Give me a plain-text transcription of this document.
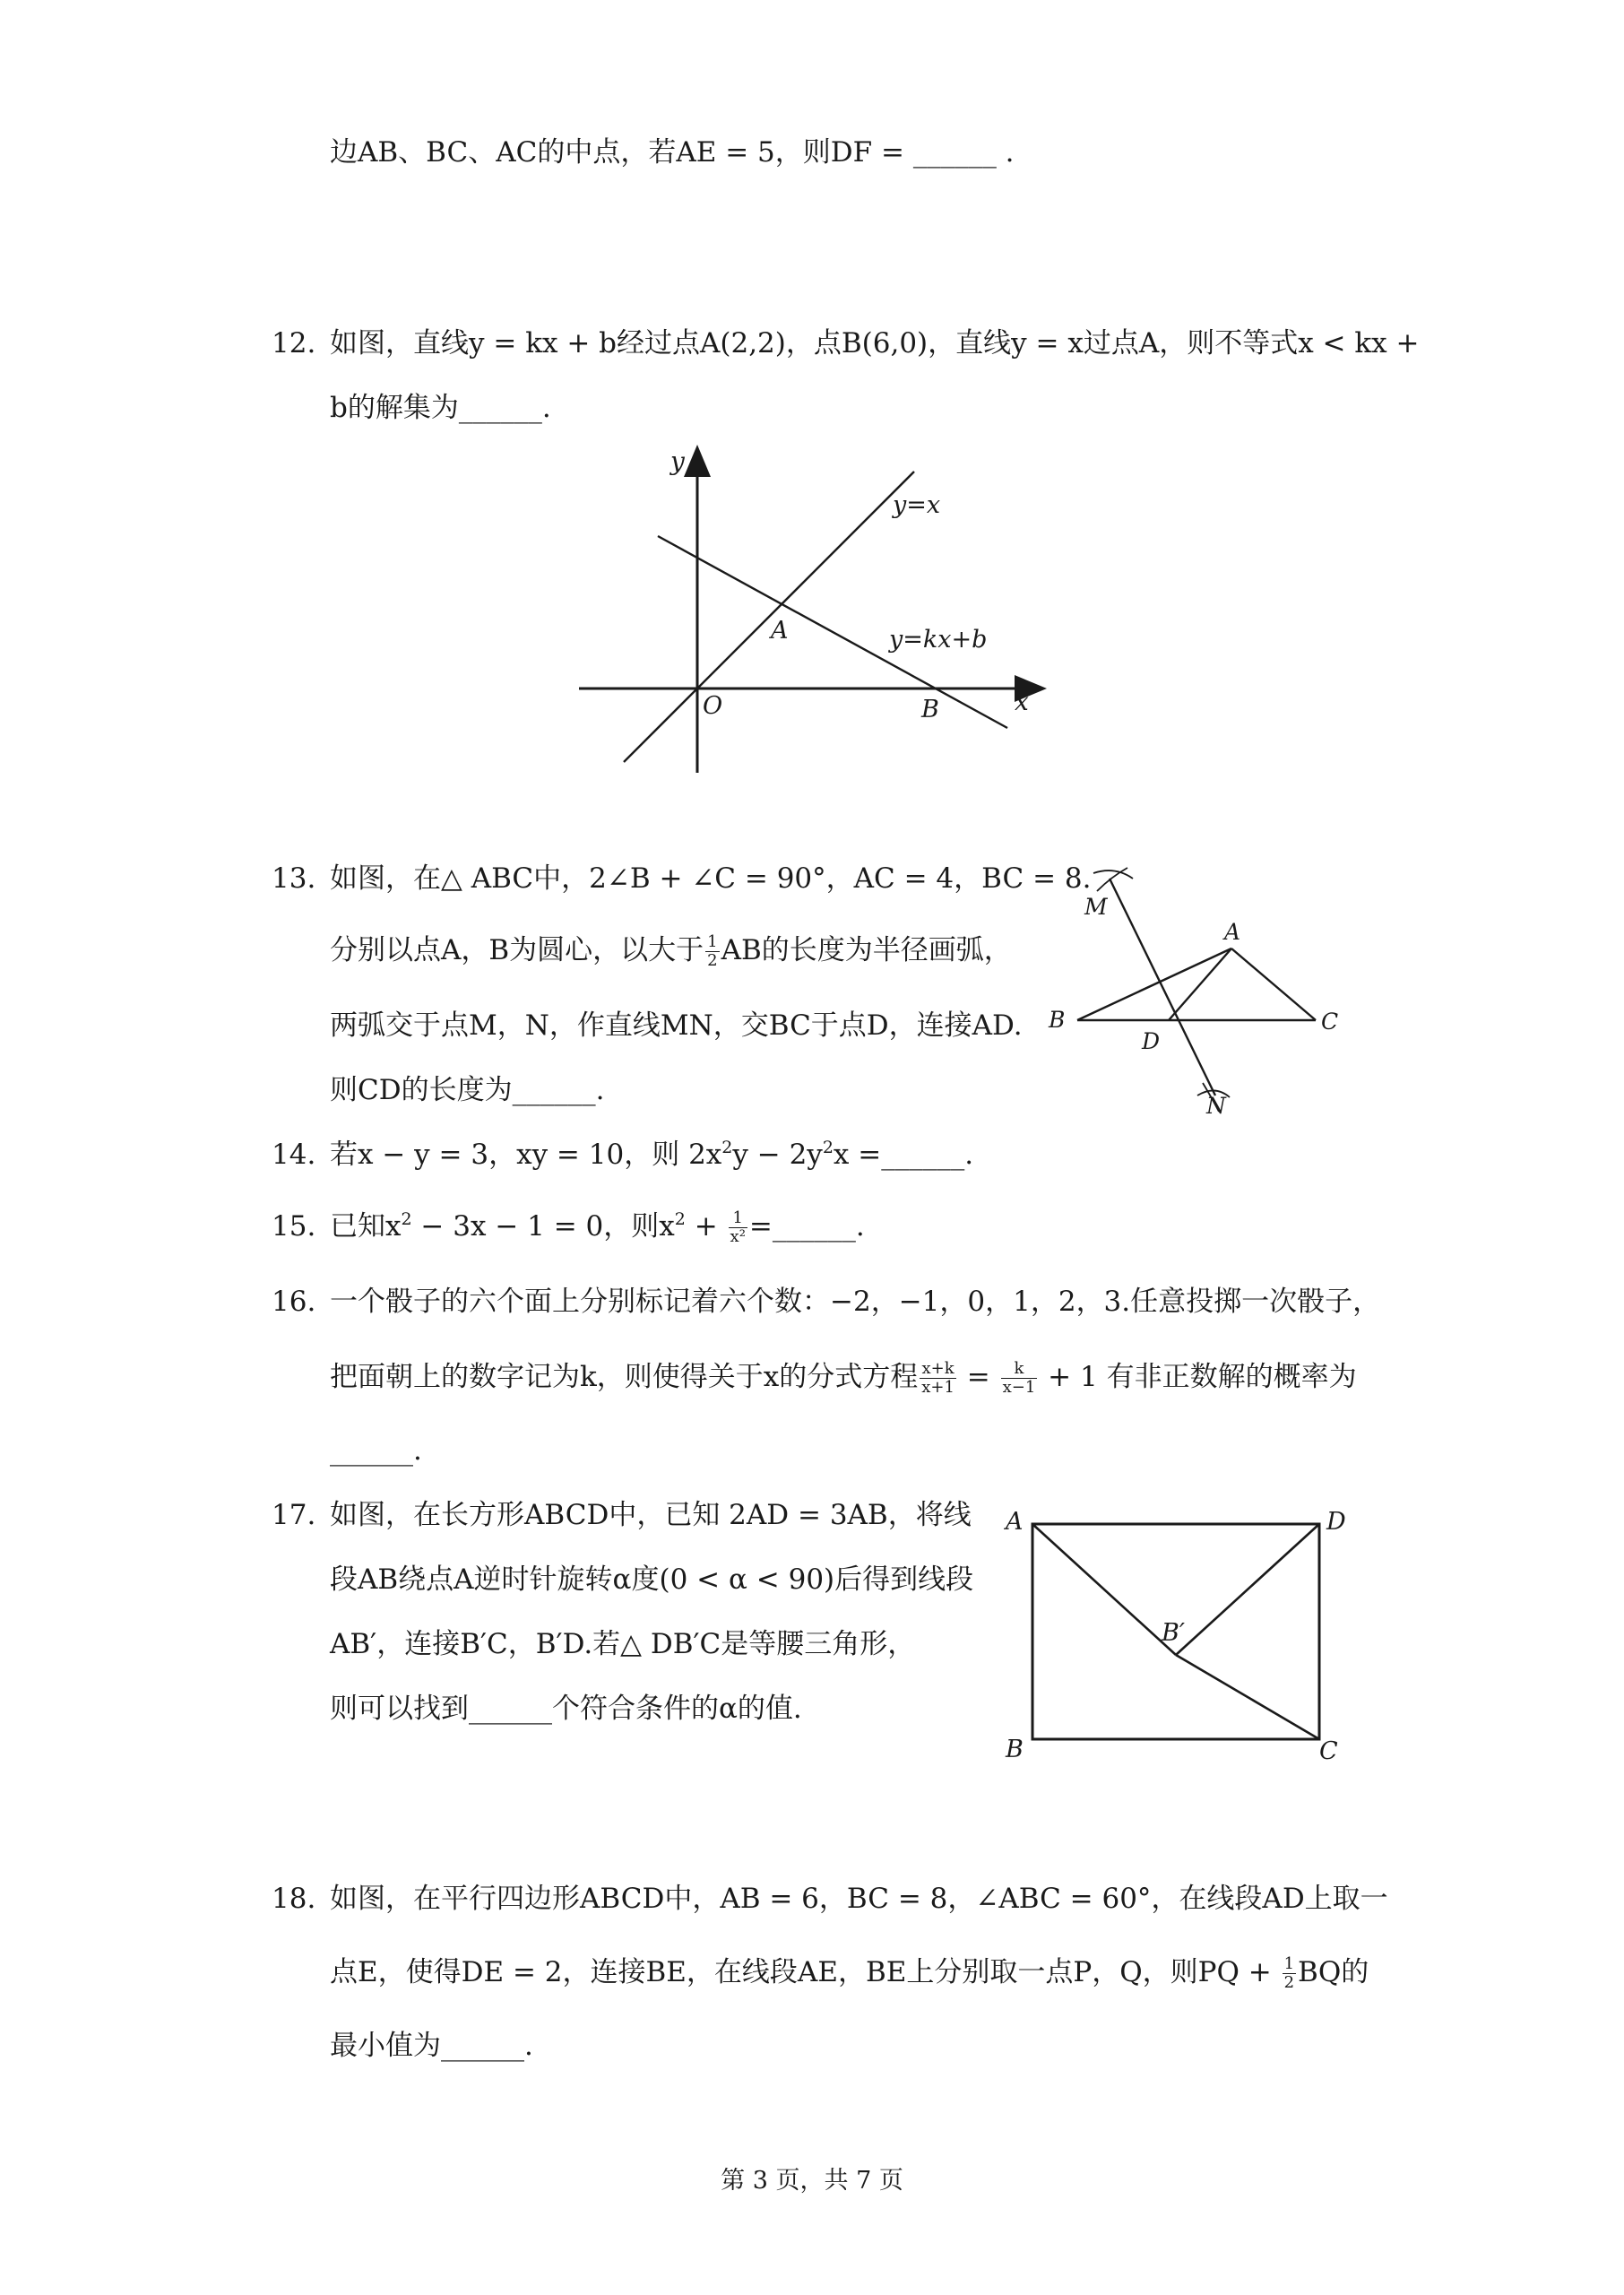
边AB、BC、AC的中点，若AE = 5，则DF = ______ .
12. 如图，直线y = kx + b经过点A(2,2)，点B(6,0)，直线y = x过点A，则不等式x < kx +
b的解集为______.
y
x
O
A
B
y=x
y=kx+b
13. 如图，在△ ABC中，2∠B + ∠C = 90°，AC = 4，BC = 8.
分别以点A，B为圆心，以大于 $\frac{1}{2}$ AB的长度为半径画弧，
两弧交于点M，N，作直线MN，交BC于点D，连接AD.
则CD的长度为______.
M
A
B	C
D
N
14. 若x − y = 3，xy = 10，则 $2x^2y - 2y^2x$ =______.
15. 已知$x^2 - 3x - 1 = 0$，则$x^2 + \frac{1}{\text{x²}}$ =______.
16. 一个骰子的六个面上分别标记着六个数：−2，−1，0，1，2，3.任意投掷一次骰子，
把面朝上的数字记为k，则使得关于x的分式方程 $\frac{x+k}{x+1} = \frac{k}{x-1} + 1$ 有非正数解的概率为
______.
17. 如图，在长方形ABCD中，已知 2AD = 3AB，将线
段AB绕点A逆时针旋转α度(0 < α < 90)后得到线段
AB′，连接B′C，B′D.若△ DB′C是等腰三角形，
则可以找到______个符合条件的α的值.
A	D
B	C
B′
18. 如图，在平行四边形ABCD中，AB = 6，BC = 8，∠ABC = 60°，在线段AD上取一
点E，使得DE = 2，连接BE，在线段AE，BE上分别取一点P，Q，则PQ + $\frac{1}{2}$ BQ的
最小值为______.
第 3 页，共 7 页
